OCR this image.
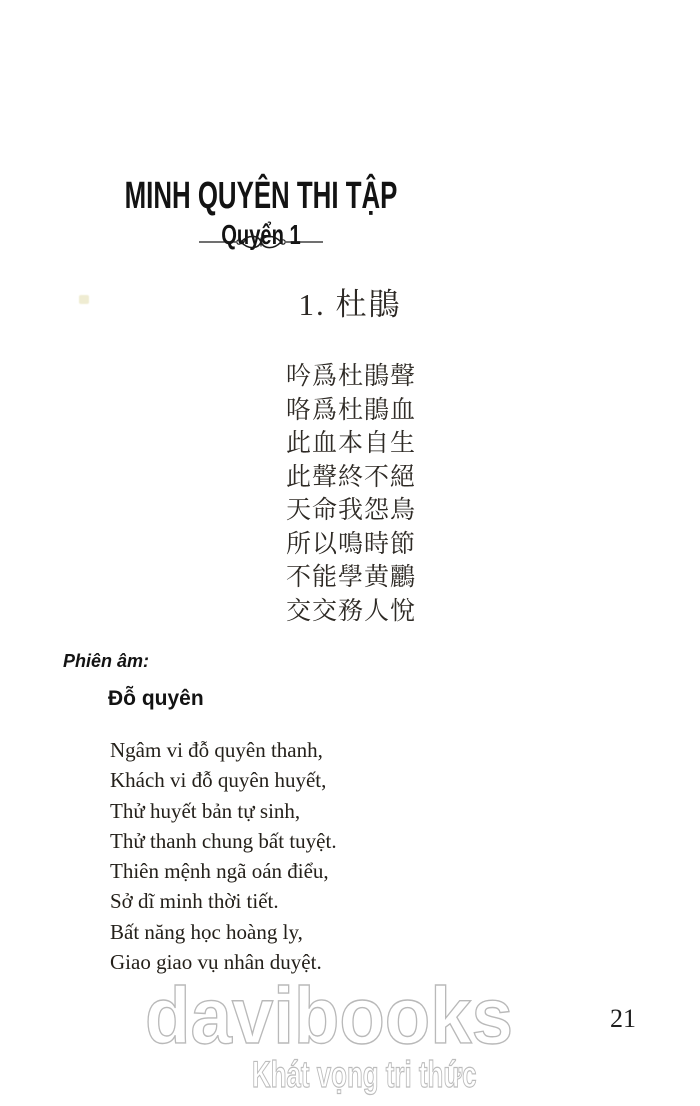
MINH QUYÊN THI TẬP
Quyển 1
1. 杜鵑
吟爲杜鵑聲
咯爲杜鵑血
此血本自生
此聲終不絕
天命我怨鳥
所以鳴時節
不能學黄鸝
交交務人悅
Phiên âm:
Đỗ quyên
Ngâm vi đỗ quyên thanh,
Khách vi đỗ quyên huyết,
Thử huyết bản tự sinh,
Thử thanh chung bất tuyệt.
Thiên mệnh ngã oán điểu,
Sở dĩ minh thời tiết.
Bất năng học hoàng ly,
Giao giao vụ nhân duyệt.
davibooks
Khát vọng tri thức
21
